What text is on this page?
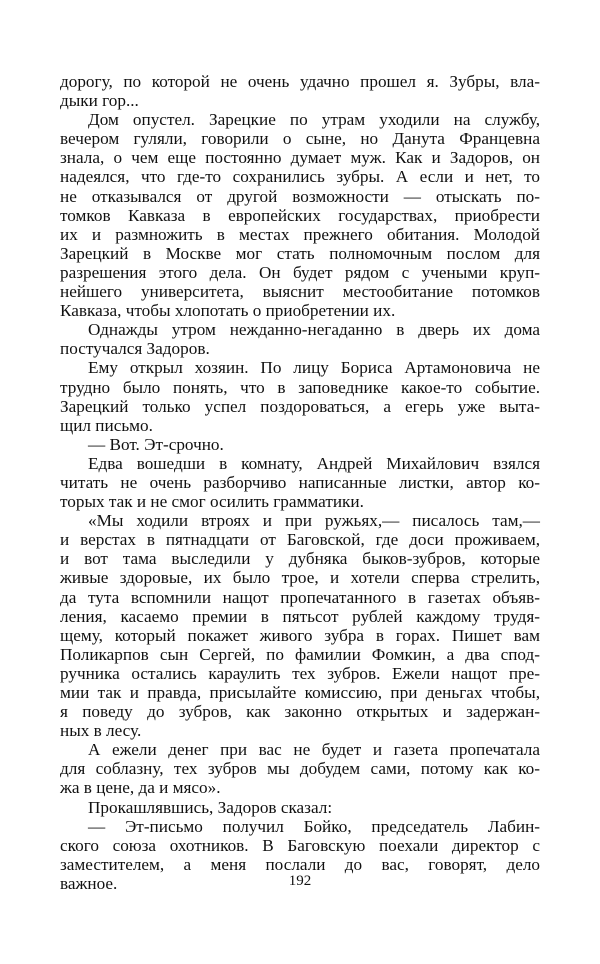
дорогу, по которой не очень удачно прошел я. Зубры, вла-
дыки гор...
Дом опустел. Зарецкие по утрам уходили на службу,
вечером гуляли, говорили о сыне, но Данута Францевна
знала, о чем еще постоянно думает муж. Как и Задоров, он
надеялся, что где-то сохранились зубры. А если и нет, то
не отказывался от другой возможности — отыскать по-
томков Кавказа в европейских государствах, приобрести
их и размножить в местах прежнего обитания. Молодой
Зарецкий в Москве мог стать полномочным послом для
разрешения этого дела. Он будет рядом с учеными круп-
нейшего университета, выяснит местообитание потомков
Кавказа, чтобы хлопотать о приобретении их.
Однажды утром нежданно-негаданно в дверь их дома
постучался Задоров.
Ему открыл хозяин. По лицу Бориса Артамоновича не
трудно было понять, что в заповеднике какое-то событие.
Зарецкий только успел поздороваться, а егерь уже выта-
щил письмо.
— Вот. Эт-срочно.
Едва вошедши в комнату, Андрей Михайлович взялся
читать не очень разборчиво написанные листки, автор ко-
торых так и не смог осилить грамматики.
«Мы ходили втроях и при ружьях,— писалось там,—
и верстах в пятнадцати от Баговской, где доси проживаем,
и вот тама выследили у дубняка быков-зубров, которые
живые здоровые, их было трое, и хотели сперва стрелить,
да тута вспомнили нащот пропечатанного в газетах объяв-
ления, касаемо премии в пятьсот рублей каждому трудя-
щему, который покажет живого зубра в горах. Пишет вам
Поликарпов сын Сергей, по фамилии Фомкин, а два спод-
ручника остались караулить тех зубров. Ежели нащот пре-
мии так и правда, присылайте комиссию, при деньгах чтобы,
я поведу до зубров, как законно открытых и задержан-
ных в лесу.
А ежели денег при вас не будет и газета пропечатала
для соблазну, тех зубров мы добудем сами, потому как ко-
жа в цене, да и мясо».
Прокашлявшись, Задоров сказал:
— Эт-письмо получил Бойко, председатель Лабин-
ского союза охотников. В Баговскую поехали директор с
заместителем, а меня послали до вас, говорят, дело
важное.	192
